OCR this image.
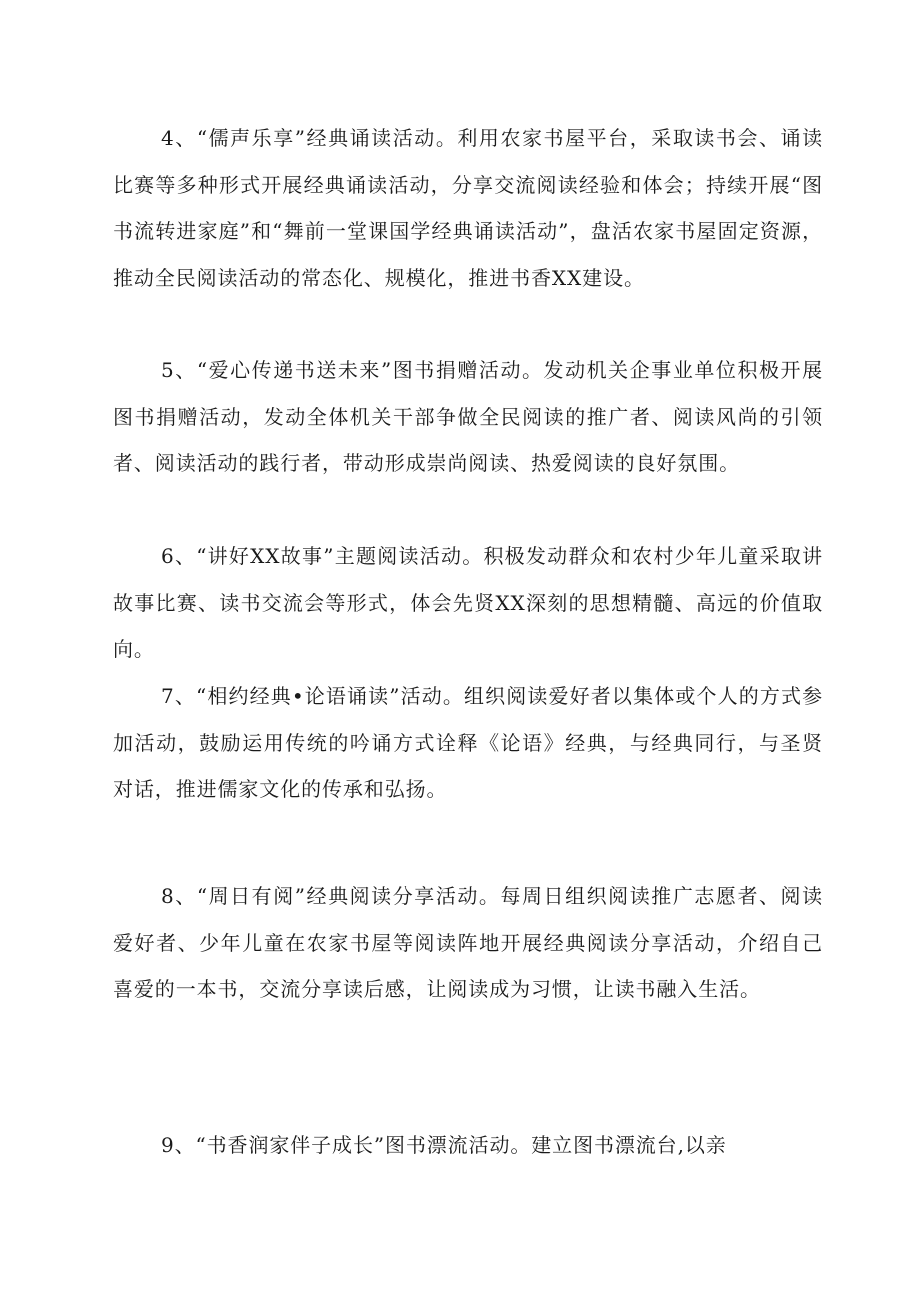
4、“儒声乐享”经典诵读活动。利用农家书屋平台，采取读书会、诵读比赛等多种形式开展经典诵读活动，分享交流阅读经验和体会；持续开展“图书流转进家庭”和“舞前一堂课国学经典诵读活动”，盘活农家书屋固定资源，推动全民阅读活动的常态化、规模化，推进书香XX建设。

5、“爱心传递书送未来”图书捐赠活动。发动机关企事业单位积极开展图书捐赠活动，发动全体机关干部争做全民阅读的推广者、阅读风尚的引领者、阅读活动的践行者，带动形成崇尚阅读、热爱阅读的良好氛围。

6、“讲好XX故事”主题阅读活动。积极发动群众和农村少年儿童采取讲故事比赛、读书交流会等形式，体会先贤XX深刻的思想精髓、高远的价值取向。

7、“相约经典•论语诵读”活动。组织阅读爱好者以集体或个人的方式参加活动，鼓励运用传统的吟诵方式诠释《论语》经典，与经典同行，与圣贤对话，推进儒家文化的传承和弘扬。

8、“周日有阅”经典阅读分享活动。每周日组织阅读推广志愿者、阅读爱好者、少年儿童在农家书屋等阅读阵地开展经典阅读分享活动，介绍自己喜爱的一本书，交流分享读后感，让阅读成为习惯，让读书融入生活。

9、“书香润家伴子成长”图书漂流活动。建立图书漂流台,以亲
